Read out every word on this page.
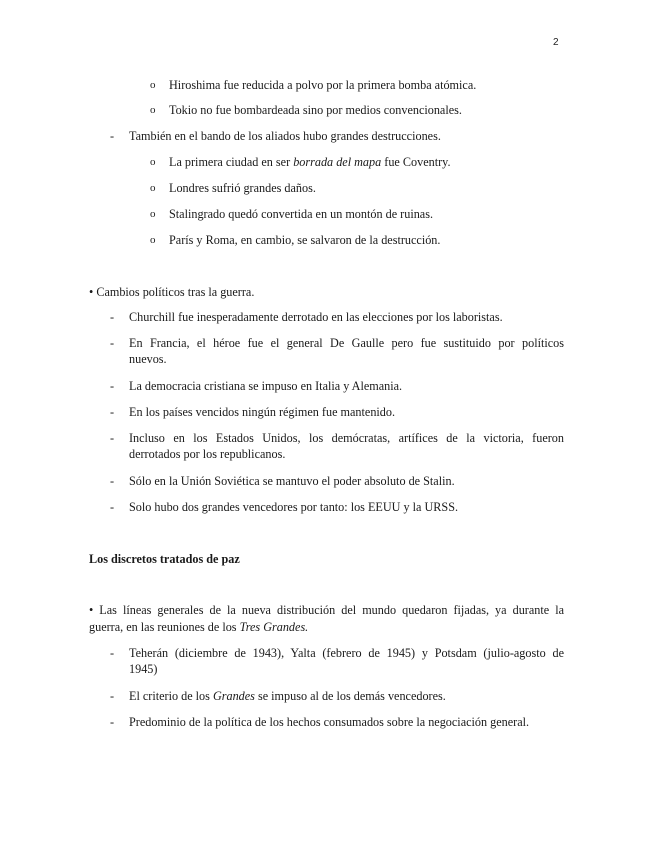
2
o Hiroshima fue reducida a polvo por la primera bomba atómica.
o Tokio no fue bombardeada sino por medios convencionales.
- También en el bando de los aliados hubo grandes destrucciones.
o La primera ciudad en ser borrada del mapa fue Coventry.
o Londres sufrió grandes daños.
o Stalingrado quedó convertida en un montón de ruinas.
o París y Roma, en cambio, se salvaron de la destrucción.
• Cambios políticos tras la guerra.
- Churchill fue inesperadamente derrotado en las elecciones por los laboristas.
- En Francia, el héroe fue el general De Gaulle pero fue sustituido por políticos
nuevos.
- La democracia cristiana se impuso en Italia y Alemania.
- En los países vencidos ningún régimen fue mantenido.
- Incluso en los Estados Unidos, los demócratas, artífices de la victoria, fueron
derrotados por los republicanos.
- Sólo en la Unión Soviética se mantuvo el poder absoluto de Stalin.
- Solo hubo dos grandes vencedores por tanto: los EEUU y la URSS.
Los discretos tratados de paz
• Las líneas generales de la nueva distribución del mundo quedaron fijadas, ya durante la
guerra, en las reuniones de los Tres Grandes.
- Teherán (diciembre de 1943), Yalta (febrero de 1945) y Potsdam (julio-agosto de
1945)
- El criterio de los Grandes se impuso al de los demás vencedores.
- Predominio de la política de los hechos consumados sobre la negociación general.
